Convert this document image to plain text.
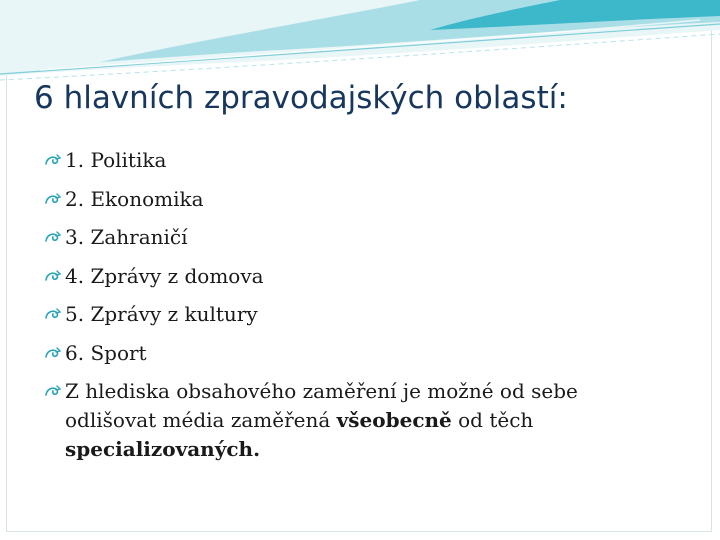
6 hlavních zpravodajských oblastí:
1. Politika
2. Ekonomika
3. Zahraničí
4. Zprávy z domova
5. Zprávy z kultury
6. Sport
Z hlediska obsahového zaměření je možné od sebe odlišovat média zaměřená všeobecně od těch specializovaných.
